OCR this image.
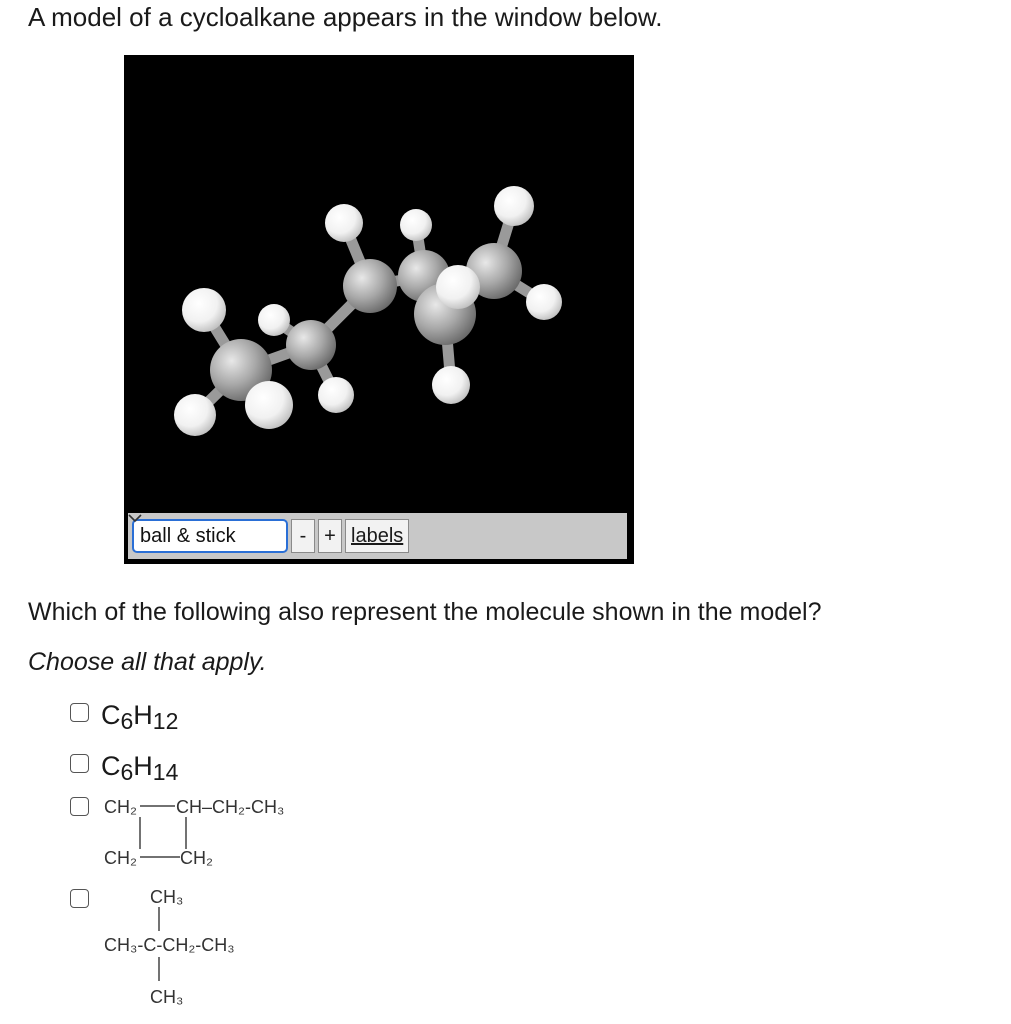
A model of a cycloalkane appears in the window below.
ball & stick	- + labels
Which of the following also represent the molecule shown in the model?
Choose all that apply.
C6H12
C6H14
CH₂ CH–CH₂-CH₃
CH₂ CH₂
CH₃
CH₃-C-CH₂-CH₃
CH₃
